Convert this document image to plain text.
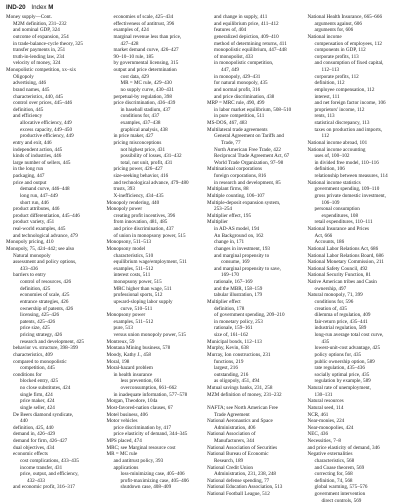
IND-20 Index M
Money supply—Cont.
M2M definition, 231–232
and nominal GDP, 324
outcome of expansion, 254
in trade-balance-cycle theory, 325
transfer payments in, 251
truth-in-lending law, 234
velocity of money, 324
Monopolistic competition, xx–xix
Oligopoly
advertising, 446
brand names, 445
characteristics, 440, 445
control over prices, 445–446
definition, 445
and efficiency
allocative efficiency, 449
excess capacity, 449–450
productive efficiency, 449
entry and exit, 446
independent action, 445
kinds of industries, 446
large number of sellers, 445
in the long run
packaging, 447
price and output
demand curve, 446–448
long run, 447–449
short run, 446
product attributes, 446
product differentiation, 445–446
product variety, 451
real-world examples, 445
and technological advance, 479
Monopoly pricing, 410
Monopoly, 75, 424–442; see also
Natural monopoly
assessment and policy options,
433–436
barriers to entry
control of resources, 426
definition, 425
economies of scale, 425
entrance strategies, 426
ownership of patents, 426
licensing, 425–426
patents, 425–426
price size, 425
pricing strategy, 426
research and development, 425
behavior vs. structure, 398–399
characteristics, 409
compared to monopolistic
competition, 445
conditions for
blocked entry, 425
no close substitutes, 424
single firm, 424
price maker, 424
single seller, 424
De Beers diamond syndicate,
440
definition, 425, 440
demand in, 426–429
demand for firm, 426–427
dual objectives, 434
economic effects
cost complications, 433–435
income transfer, 431
price, output, and efficiency,
432–433
and economic profit, 316–317
economies of scale, 425–434
effectiveness of antitrust, 396
examples of, 424
marginal revenue less than price,
427–428
market demand curve, 426–427
90–10–10 rule, 185
by governmental licensing, 315
output and price determination
cost data, 429
MR = MC rule, 429–430
no supply curve, 430–431
perpetual-by regulation, 398
price discrimination, 436–439
in baseball stadium, 437
conditions for, 437
examples, 437–438
graphical analysis, 438
in price maker, 427
pricing misconceptions
not highest price, 431
possibility of losses, 431–432
total, not unit, profit, 431
pricing power, 426–427
size-seeking behavior, 416
and technological advance, 479–480
trusts, 393
X-inefficiency, 434–435
Monopoly rendering, 440
Monopoly power
creating profit incentives, 396
from innovation, 481, 485
and price discrimination, 437
of union in monopsony power, 515
Monopsony, 511–513
Monopsony model
characteristics, 510
equilibrium wage/employment, 511
examples, 511–512
interest costs, 511
monopsony power, 515
MRC higher than wage, 511
professional sports, 512
upward-sloping labor supply
curve, 510–511
Monopsony power
examples, 511–512
pure, 513
versus union monopoly power, 515
Montreux, 59
Montana Mining business, 578
Moody, Kathy J., 458
Moral, 198
Moral-hazard problem
in health insurance
less prevention, 661
overconsumption, 661–662
in inadequate information, 577–578
Morgan, Theodore, 104a
Most-favored-nation clauses, 67
Motel business, 406
Motor vehicles
price discrimination by, 417
price elasticity of demand, 344–345
MPS placed, 474
MRC; see Marginal resource cost
MR = MC rule
and antitrust policy, 393
applications
loss-minimizing case, 405–406
profit-maximizing case, 405–406
shutdown case, 408–409
and change in supply, 411
and equilibrium price, 411–412
features of, 404
generalized depiction, 409–410
method of determining returns, 411
monopolistic equilibrium, 447–448
of monopolist, 433
in monopolistic competition,
447, 449
in monopoly, 429–431
for natural monopoly, 435
and normal profit, 316
and price discrimination, 438
MRP = MRC rule, 490, 499
in labor market equilibrium, 508–510
in pure competition, 511
MS-DOS, 467, 483
Multilateral trade agreements
General Agreement on Tariffs and
Trade, 77
North American Free Trade, 422
Reciprocal Trade Agreement Act, 67
World Trade Organization, 97–98
Multinational corporations
foreign corporations, 816
in research and development, 85
Multiplant firms, 88
Multiple counting, 106–107
Multiple-deposit expansion system,
253–254
Multiplier effect, 195
Multiplier
in AD-AS model, 194
An Background on, 162
change in, 171
changes in investment, 193
and marginal propensity to
consume, 169
and marginal propensity to save,
169–170
rationale, 167–169
and the MBR, 158–159
tabular illustration, 179
Multiplier effect
definition, 178
of government spending, 209–210
in monetary policy, 253
rationale, 159–161
size of, 161–162
Municipal bonds, 112–113
Murphy, Kevin, 638
Murray, Ion constructions, 231
functions, 219
largest, 216
outstanding, 216
as oligopoly, 451, 494
Mutual savings banks, 231, 258
MZM definition of money, 231–232

NAFTA; see North American Free
Trade Agreement
National Aeronautics and Space
Administration, 406
National Association of
Manufacturers, 344
National Association of Securities
National Bureau of Economic
Research, 189
National Credit Union
Administration, 231, 238, 248
National defense spending, 77
National Education Association, 513
National Football League, 512
National Health Insurance, 665–666
arguments against, 606
arguments for, 606
National income
compensation of employees, 112
components in GDP, 112
corporate profits, 113
and consumption of fixed capital,
112–113
corporate profits, 112
definition, 112
employee compensation, 112
interest, 111
and net foreign factor income, 106
proprietors' income, 112
rents, 113
statistical discrepancy, 113
taxes on production and imports,
112
National income abroad, 101
National income accounting
uses of, 100–102
in divided free model, 110–116
definition, 106
relationship between measures, 114
National income statistics
government spending, 109–110
gross private domestic investment,
106–109
personal consumption
expenditures, 108
retail expenditures, 110–111
National Insurance and Prices
Act, 666
Accounts, 186
National Labor Relations Act, 686
National Labor Relations Board, 686
National Monetary Commission, 211
National Safety Council, 492
National Security Function, 81
Native American tribes and Casin
ownership, 497
Natural monopoly, 71, 399
conditions for, 596
creation of, 435
dilemma of regulation, 409
fair-return price, 435–441
industrial regulation, 589
long-run average total cost curve,
435
lowest-unit-cost advantage, 425
policy options for, 435
public ownership option, 589
rate regulation, 435–436
socially optimal price, 435
regulation by example, 589
Natural rate of unemployment,
130–131
Natural resources
Natural seed, 114
NCR, 461
Near-monies, 224
Near-monopolies, 424
NEC, 436
Necessities, 7–8
and price elasticity of demand, 346
Negative externalities
characteristics, 568
and Coase theorem, 569
correcting for, 568
definition, 74, 568
global warming, 575–576
government intervention
direct controls, 569
